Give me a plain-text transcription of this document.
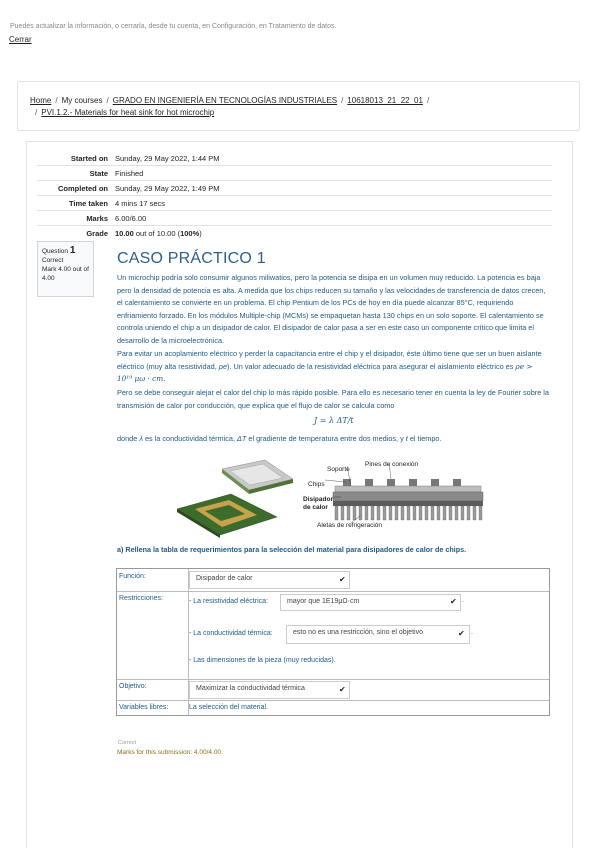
Puedes actualizar la información, o cerrarla, desde tu cuenta, en Configuración, en Tratamiento de datos.
Cerrar
Home / My courses / GRADO EN INGENIERÍA EN TECNOLOGÍAS INDUSTRIALES / 10618013_21_22_01 /
/ PVI.1.2.- Materials for heat sink for hot microchip
Started on Sunday, 29 May 2022, 1:44 PM
State Finished
Completed on Sunday, 29 May 2022, 1:49 PM
Time taken 4 mins 17 secs
Marks 6.00/6.00
Grade 10.00 out of 10.00 (100%)
Question 1
Correct
Mark 4.00 out of 4.00
CASO PRÁCTICO 1

Un microchip podría solo consumir algunos miliwatios, pero la potencia se disipa en un volumen muy reducido. La potencia es baja pero la densidad de potencia es alta. A medida que los chips reducen su tamaño y las velocidades de transferencia de datos crecen, el calentamiento se convierte en un problema. El chip Pentium de los PCs de hoy en día puede alcanzar 85°C, requiriendo enfriamiento forzado. En los módulos Multiple-chip (MCMs) se empaquetan hasta 130 chips en un solo soporte. El calentamiento se controla uniendo el chip a un disipador de calor. El disipador de calor pasa a ser en este caso un componente crítico que limita el desarrollo de la microelectrónica.

Para evitar un acoplamiento eléctrico y perder la capacitancia entre el chip y el disipador, éste último tiene que ser un buen aislante eléctrico (muy alta resistividad, ρe). Un valor adecuado de la resistividad eléctrica para asegurar el aislamiento eléctrico es ρe > 10¹⁹ μω · cm.

Pero se debe conseguir alejar el calor del chip lo más rápido posible. Para ello es necesario tener en cuenta la ley de Fourier sobre la transmisión de calor por conducción, que explica que el flujo de calor se calcula como

J = λ ΔT/t

donde λ es la conductividad térmica, ΔT el gradiente de temperatura entre dos medios, y t el tiempo.

Soporte
Pines de conexión
Chips
Disipador
de calor
Aletas de refrigeración
a) Rellena la tabla de requerimientos para la selección del material para disipadores de calor de chips.
Función:	Disipador de calor	✔
Restricciones:	- La resistividad eléctrica:	mayor que 1E19μΩ·cm	✔ .
- La conductividad térmica:	esto no es una restricción, sino el objetivo	✔ .
- Las dimensiones de la pieza (muy reducidas).
Objetivo:	Maximizar la conductividad térmica	✔
Variables libres:	La selección del material.
Correct
Marks for this submission: 4.00/4.00.
